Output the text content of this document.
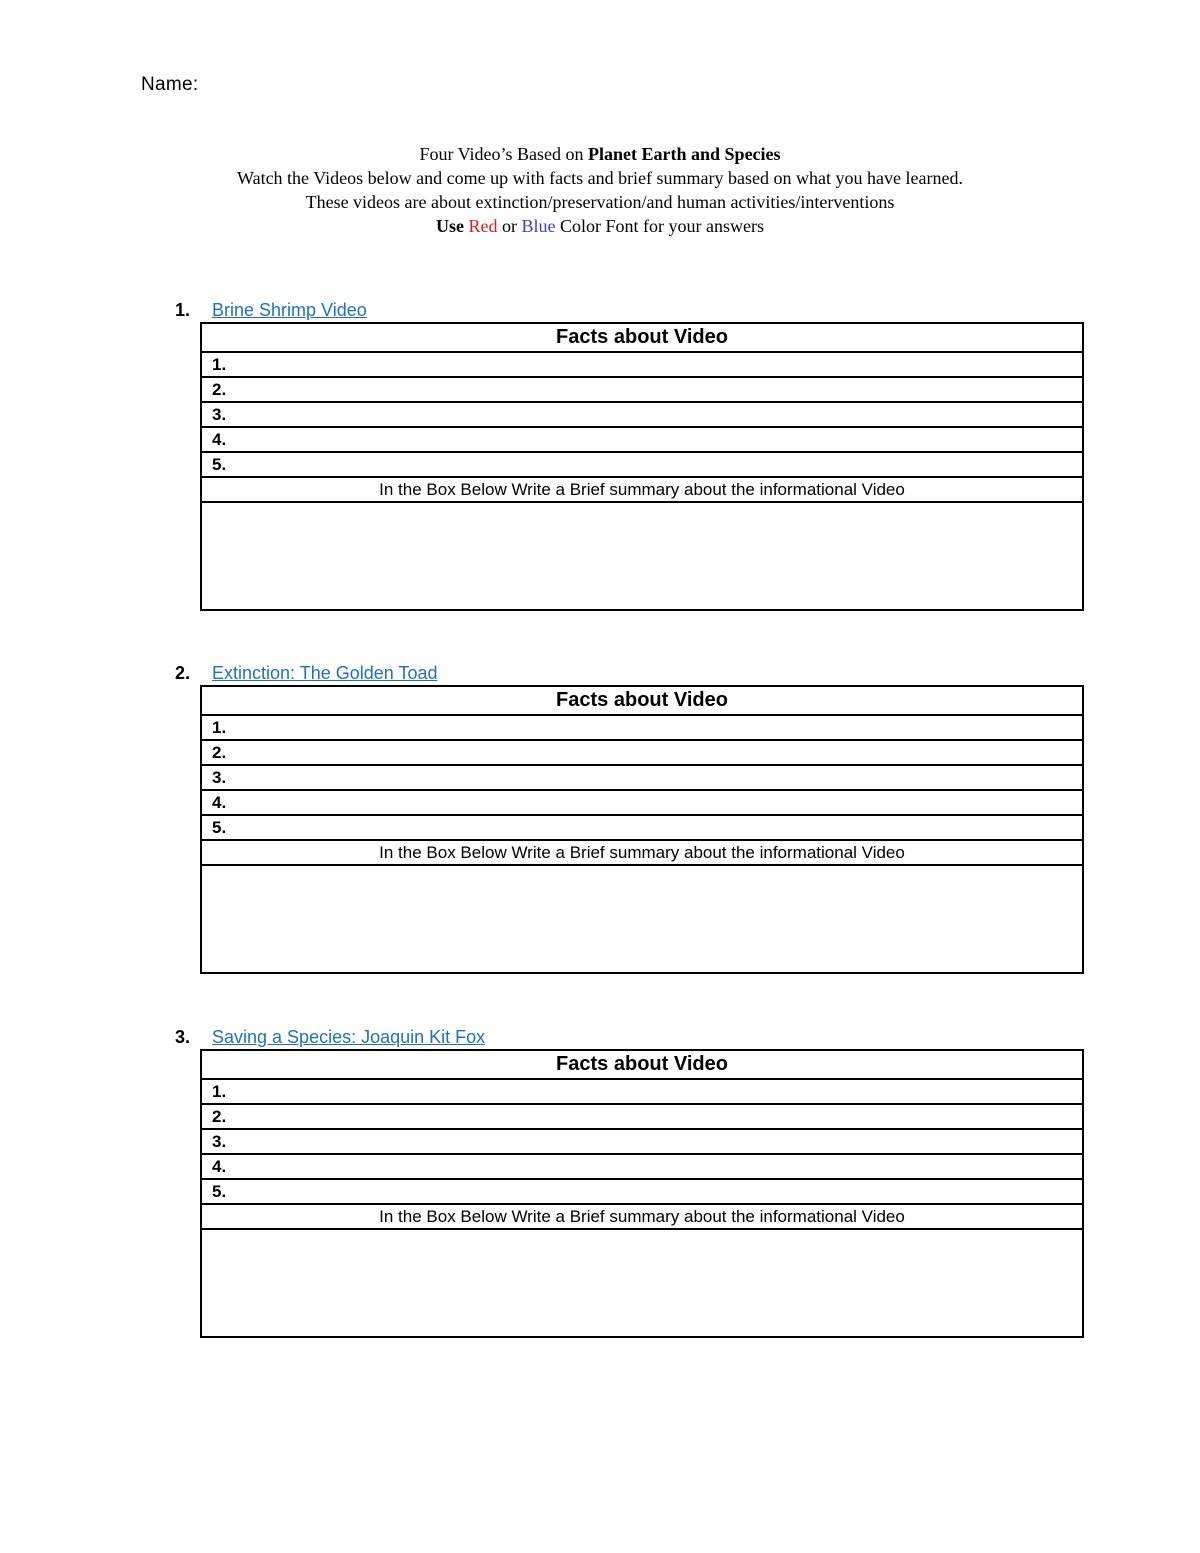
Name:
Four Video’s Based on Planet Earth and Species
Watch the Videos below and come up with facts and brief summary based on what you have learned.
These videos are about extinction/preservation/and human activities/interventions
Use Red or Blue Color Font for your answers
1. Brine Shrimp Video
Facts about Video
1.
2.
3.
4.
5.
In the Box Below Write a Brief summary about the informational Video

2. Extinction: The Golden Toad
Facts about Video
1.
2.
3.
4.
5.
In the Box Below Write a Brief summary about the informational Video

3. Saving a Species: Joaquin Kit Fox
Facts about Video
1.
2.
3.
4.
5.
In the Box Below Write a Brief summary about the informational Video
